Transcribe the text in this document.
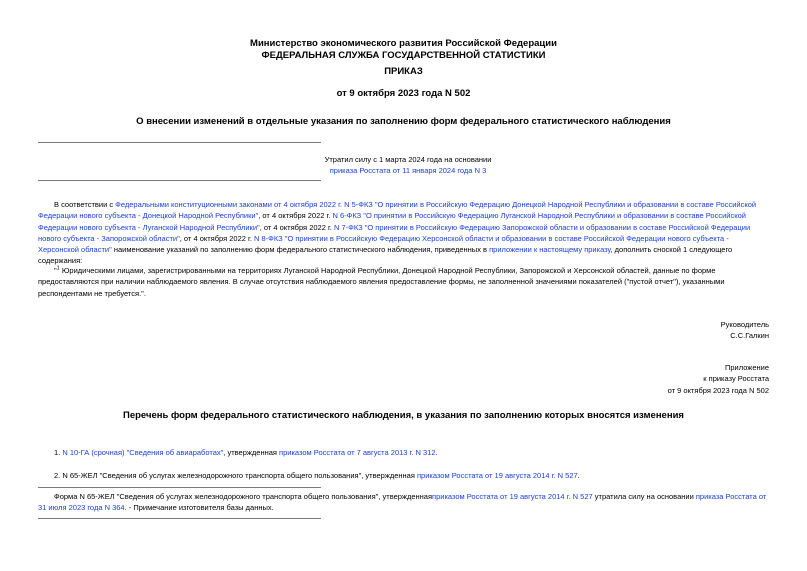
Министерство экономического развития Российской Федерации
ФЕДЕРАЛЬНАЯ СЛУЖБА ГОСУДАРСТВЕННОЙ СТАТИСТИКИ
ПРИКАЗ
от 9 октября 2023 года N 502
О внесении изменений в отдельные указания по заполнению форм федерального статистического наблюдения
Утратил силу с 1 марта 2024 года на основании
приказа Росстата от 11 января 2024 года N 3
В соответствии с Федеральными конституционными законами от 4 октября 2022 г. N 5-ФКЗ "О принятии в Российскую Федерацию Донецкой Народной Республики и образовании в составе Российской Федерации нового субъекта - Донецкой Народной Республики", от 4 октября 2022 г. N 6-ФКЗ "О принятии в Российскую Федерацию Луганской Народной Республики и образовании в составе Российской Федерации нового субъекта - Луганской Народной Республики", от 4 октября 2022 г. N 7-ФКЗ "О принятии в Российскую Федерацию Запорожской области и образовании в составе Российской Федерации нового субъекта - Запорожской области", от 4 октября 2022 г. N 8-ФКЗ "О принятии в Российскую Федерацию Херсонской области и образовании в составе Российской Федерации нового субъекта - Херсонской области" наименование указаний по заполнению форм федерального статистического наблюдения, приведенных в приложении к настоящему приказу, дополнить сноской 1 следующего содержания:
"$^1$ Юридическими лицами, зарегистрированными на территориях Луганской Народной Республики, Донецкой Народной Республики, Запорожской и Херсонской областей, данные по форме предоставляются при наличии наблюдаемого явления. В случае отсутствия наблюдаемого явления предоставление формы, не заполненной значениями показателей ("пустой отчет"), указанными респондентами не требуется.".
Руководитель
С.С.Галкин
Приложение
к приказу Росстата
от 9 октября 2023 года N 502
Перечень форм федерального статистического наблюдения, в указания по заполнению которых вносятся изменения
1. N 10-ГА (срочная) "Сведения об авиаработах", утвержденная приказом Росстата от 7 августа 2013 г. N 312.
2. N 65-ЖЕЛ "Сведения об услугах железнодорожного транспорта общего пользования", утвержденная приказом Росстата от 19 августа 2014 г. N 527.
Форма N 65-ЖЕЛ "Сведения об услугах железнодорожного транспорта общего пользования", утвержденнаяприказом Росстата от 19 августа 2014 г. N 527 утратила силу на основании приказа Росстата от 31 июля 2023 года N 364. - Примечание изготовителя базы данных.
